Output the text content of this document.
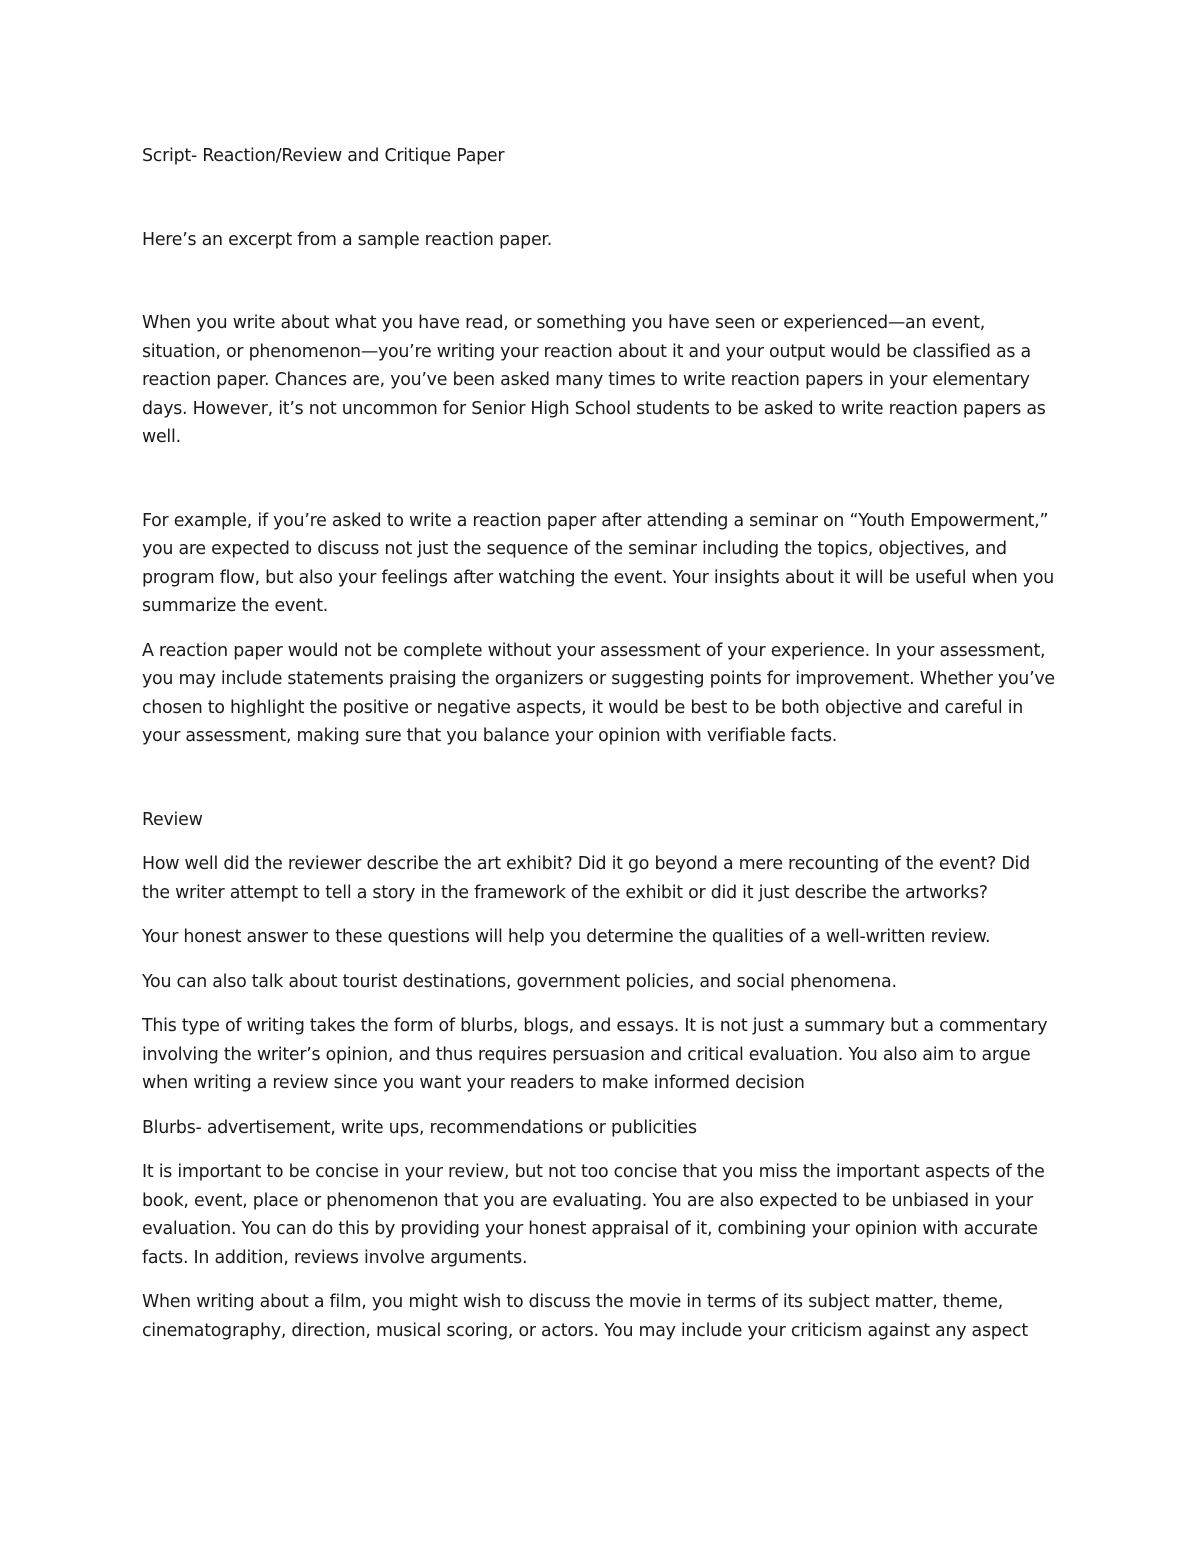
Script- Reaction/Review and Critique Paper

Here’s an excerpt from a sample reaction paper.

When you write about what you have read, or something you have seen or experienced—an event, situation, or phenomenon—you’re writing your reaction about it and your output would be classified as a reaction paper. Chances are, you’ve been asked many times to write reaction papers in your elementary days. However, it’s not uncommon for Senior High School students to be asked to write reaction papers as well.

For example, if you’re asked to write a reaction paper after attending a seminar on “Youth Empowerment,” you are expected to discuss not just the sequence of the seminar including the topics, objectives, and program flow, but also your feelings after watching the event. Your insights about it will be useful when you summarize the event.

A reaction paper would not be complete without your assessment of your experience. In your assessment, you may include statements praising the organizers or suggesting points for improvement. Whether you’ve chosen to highlight the positive or negative aspects, it would be best to be both objective and careful in your assessment, making sure that you balance your opinion with verifiable facts.

Review

How well did the reviewer describe the art exhibit? Did it go beyond a mere recounting of the event? Did the writer attempt to tell a story in the framework of the exhibit or did it just describe the artworks?

Your honest answer to these questions will help you determine the qualities of a well-written review.

You can also talk about tourist destinations, government policies, and social phenomena.

This type of writing takes the form of blurbs, blogs, and essays. It is not just a summary but a commentary involving the writer’s opinion, and thus requires persuasion and critical evaluation. You also aim to argue when writing a review since you want your readers to make informed decision

Blurbs- advertisement, write ups, recommendations or publicities

It is important to be concise in your review, but not too concise that you miss the important aspects of the book, event, place or phenomenon that you are evaluating. You are also expected to be unbiased in your evaluation. You can do this by providing your honest appraisal of it, combining your opinion with accurate facts. In addition, reviews involve arguments.

When writing about a film, you might wish to discuss the movie in terms of its subject matter, theme, cinematography, direction, musical scoring, or actors. You may include your criticism against any aspect
